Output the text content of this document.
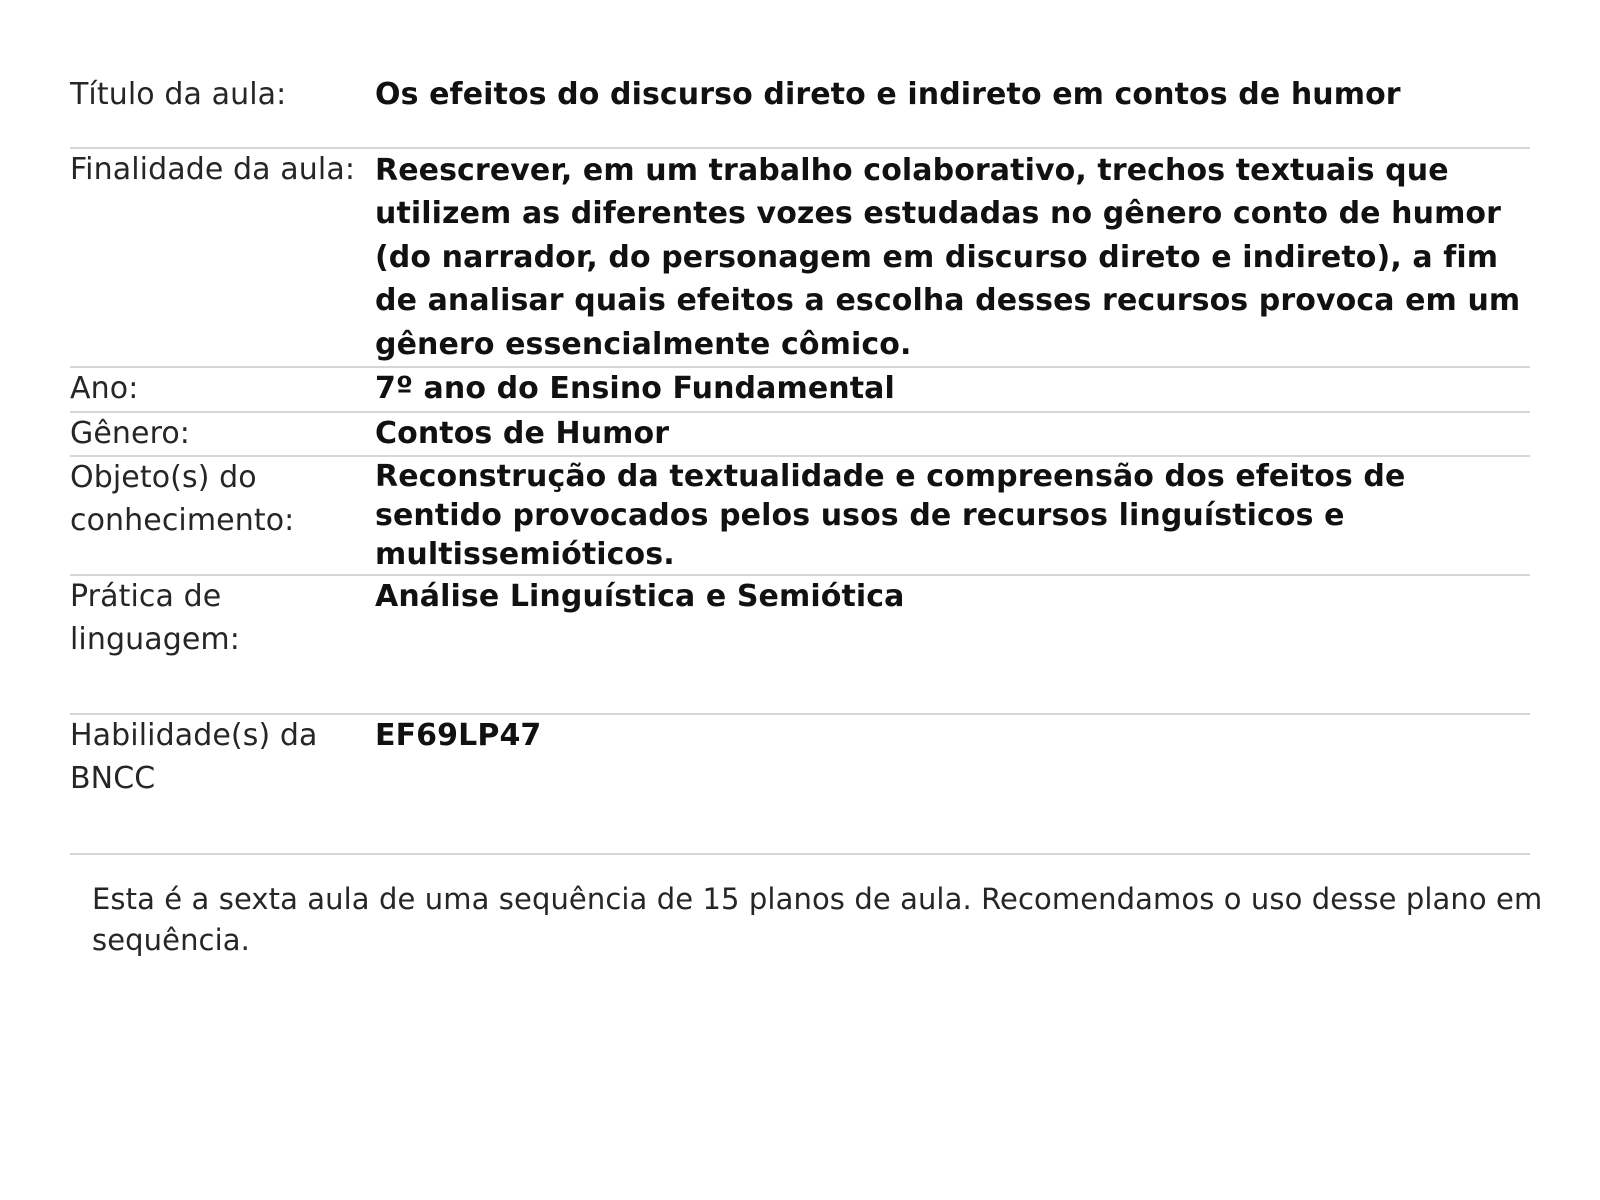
Título da aula:	Os efeitos do discurso direto e indireto em contos de humor
Finalidade da aula:	Reescrever, em um trabalho colaborativo, trechos textuais que utilizem as diferentes vozes estudadas no gênero conto de humor (do narrador, do personagem em discurso direto e indireto), a fim de analisar quais efeitos a escolha desses recursos provoca em um gênero essencialmente cômico.
Ano:	7º ano do Ensino Fundamental
Gênero:	Contos de Humor
Objeto(s) do conhecimento:	Reconstrução da textualidade e compreensão dos efeitos de sentido provocados pelos usos de recursos linguísticos e multissemióticos.
Prática de linguagem:	Análise Linguística e Semiótica
Habilidade(s) da BNCC	EF69LP47
Esta é a sexta aula de uma sequência de 15 planos de aula. Recomendamos o uso desse plano em sequência.
